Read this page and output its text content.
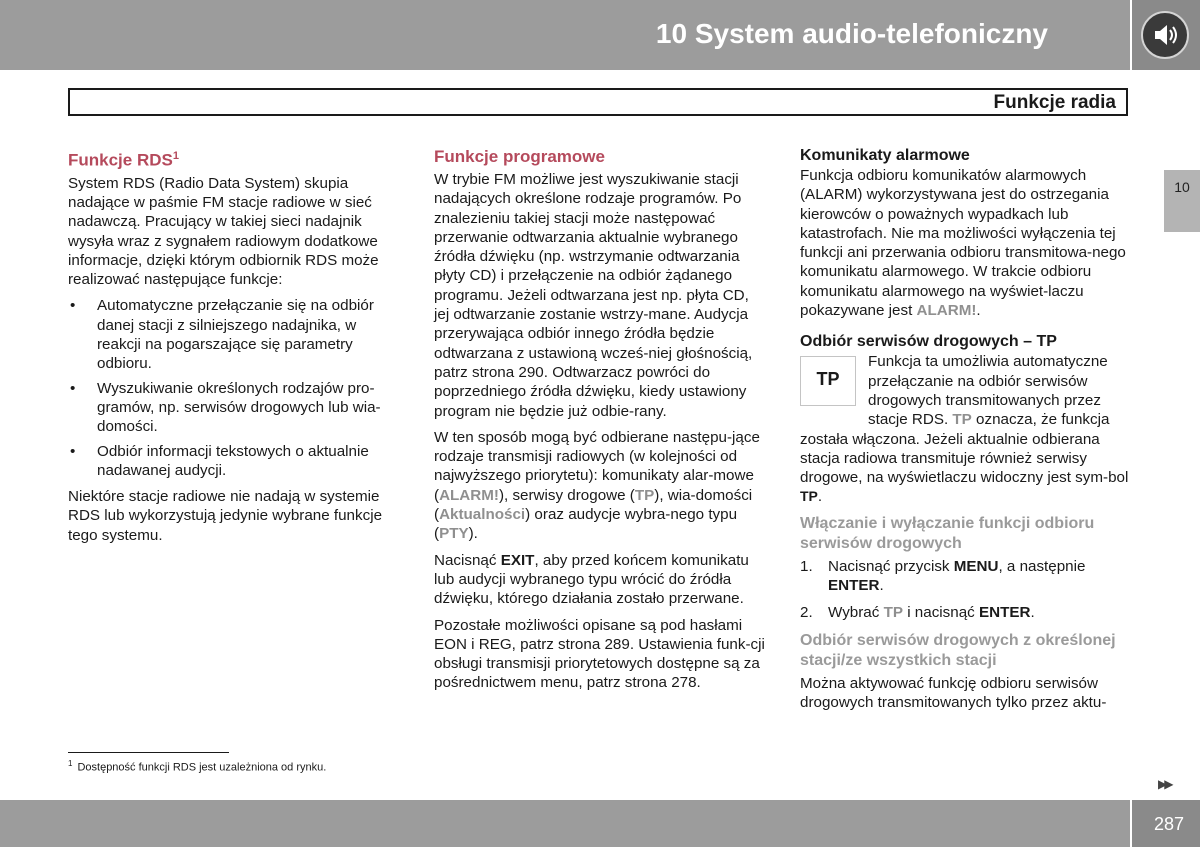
10 System audio-telefoniczny
Funkcje radia
10
Funkcje RDS$^1$

System RDS (Radio Data System) skupia nadające w paśmie FM stacje radiowe w sieć nadawczą. Pracujący w takiej sieci nadajnik wysyła wraz z sygnałem radiowym dodatkowe informacje, dzięki którym odbiornik RDS może realizować następujące funkcje:

• Automatyczne przełączanie się na odbiór danej stacji z silniejszego nadajnika, w reakcji na pogarszające się parametry odbioru.
• Wyszukiwanie określonych rodzajów pro-gramów, np. serwisów drogowych lub wia-domości.
• Odbiór informacji tekstowych o aktualnie nadawanej audycji.

Niektóre stacje radiowe nie nadają w systemie RDS lub wykorzystują jedynie wybrane funkcje tego systemu.

Funkcje programowe

W trybie FM możliwe jest wyszukiwanie stacji nadających określone rodzaje programów. Po znalezieniu takiej stacji może następować przerwanie odtwarzania aktualnie wybranego źródła dźwięku (np. wstrzymanie odtwarzania płyty CD) i przełączenie na odbiór żądanego programu. Jeżeli odtwarzana jest np. płyta CD, jej odtwarzanie zostanie wstrzy-mane. Audycja przerywająca odbiór innego źródła będzie odtwarzana z ustawioną wcześ-niej głośnością, patrz strona 290. Odtwarzacz powróci do poprzedniego źródła dźwięku, kiedy ustawiony program nie będzie już odbie-rany.

W ten sposób mogą być odbierane następu-jące rodzaje transmisji radiowych (w kolejności od najwyższego priorytetu): komunikaty alar-mowe (ALARM!), serwisy drogowe (TP), wia-domości (Aktualności) oraz audycje wybra-nego typu (PTY).

Nacisnąć EXIT, aby przed końcem komunikatu lub audycji wybranego typu wrócić do źródła dźwięku, którego działania zostało przerwane.

Pozostałe możliwości opisane są pod hasłami EON i REG, patrz strona 289. Ustawienia funk-cji obsługi transmisji priorytetowych dostępne są za pośrednictwem menu, patrz strona 278.

Komunikaty alarmowe

Funkcja odbioru komunikatów alarmowych (ALARM) wykorzystywana jest do ostrzegania kierowców o poważnych wypadkach lub katastrofach. Nie ma możliwości wyłączenia tej funkcji ani przerwania odbioru transmitowa-nego komunikatu alarmowego. W trakcie odbioru komunikatu alarmowego na wyświet-laczu pokazywane jest ALARM!.

Odbiór serwisów drogowych – TP

TP
Funkcja ta umożliwia automatyczne przełączanie na odbiór serwisów drogowych transmitowanych przez stacje RDS. TP oznacza, że funkcja została włączona. Jeżeli aktualnie odbierana stacja radiowa transmituje również serwisy drogowe, na wyświetlaczu widoczny jest sym-bol TP.

Włączanie i wyłączanie funkcji odbioru serwisów drogowych
1. Nacisnąć przycisk MENU, a następnie ENTER.
2. Wybrać TP i nacisnąć ENTER.
Odbiór serwisów drogowych z określonej stacji/ze wszystkich stacji

Można aktywować funkcję odbioru serwisów drogowych transmitowanych tylko przez aktu-

$^1$ Dostępność funkcji RDS jest uzależniona od rynku.
▶▶
287
